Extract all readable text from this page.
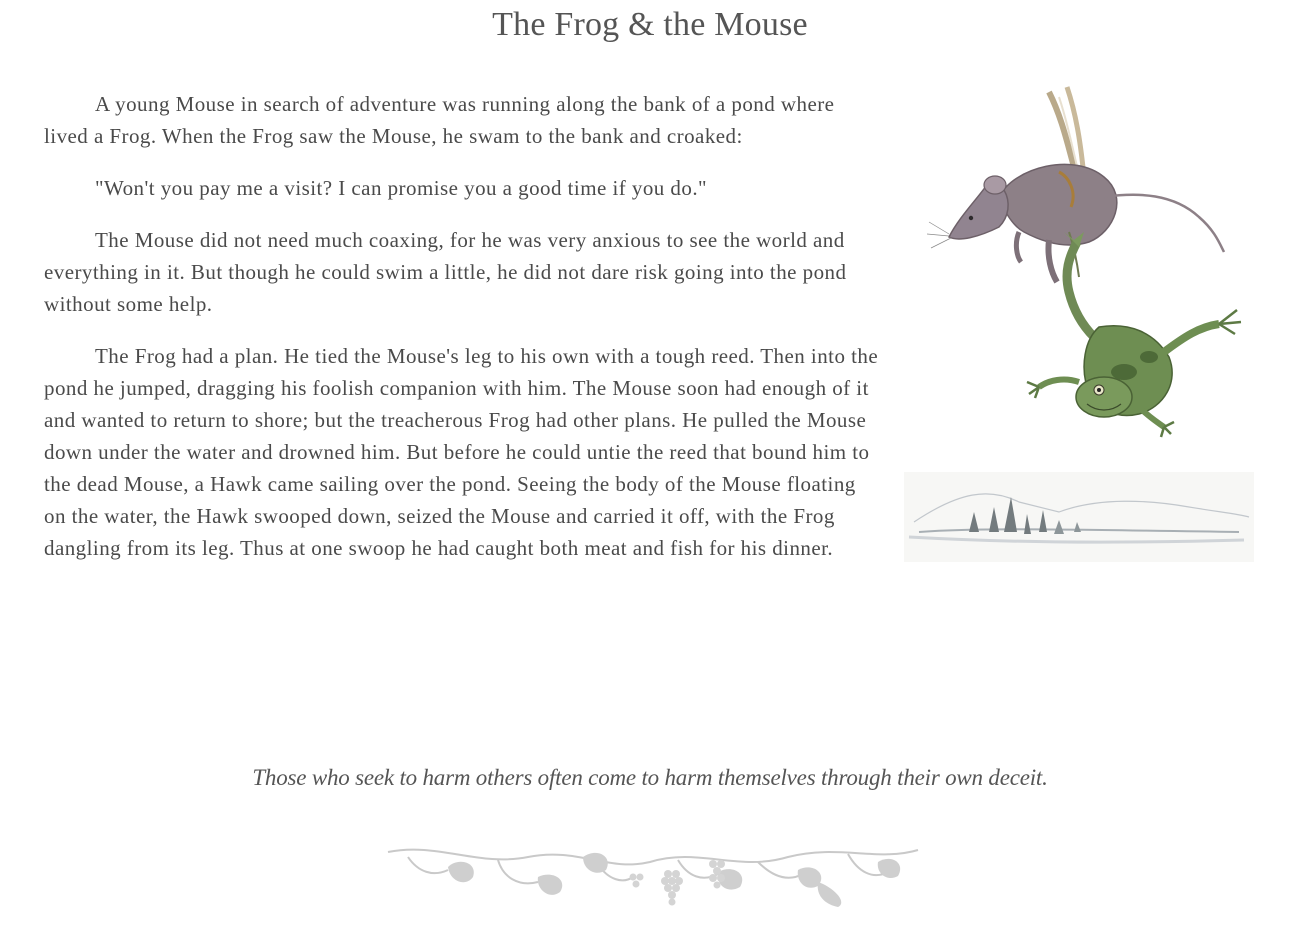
The Frog & the Mouse

A young Mouse in search of adventure was running along the bank of a pond where lived a Frog. When the Frog saw the Mouse, he swam to the bank and croaked:

"Won't you pay me a visit? I can promise you a good time if you do."

The Mouse did not need much coaxing, for he was very anxious to see the world and everything in it. But though he could swim a little, he did not dare risk going into the pond without some help.

The Frog had a plan. He tied the Mouse's leg to his own with a tough reed. Then into the pond he jumped, dragging his foolish companion with him. The Mouse soon had enough of it and wanted to return to shore; but the treacherous Frog had other plans. He pulled the Mouse down under the water and drowned him. But before he could untie the reed that bound him to the dead Mouse, a Hawk came sailing over the pond. Seeing the body of the Mouse floating on the water, the Hawk swooped down, seized the Mouse and carried it off, with the Frog dangling from its leg. Thus at one swoop he had caught both meat and fish for his dinner.

Those who seek to harm others often come to harm themselves through their own deceit.
